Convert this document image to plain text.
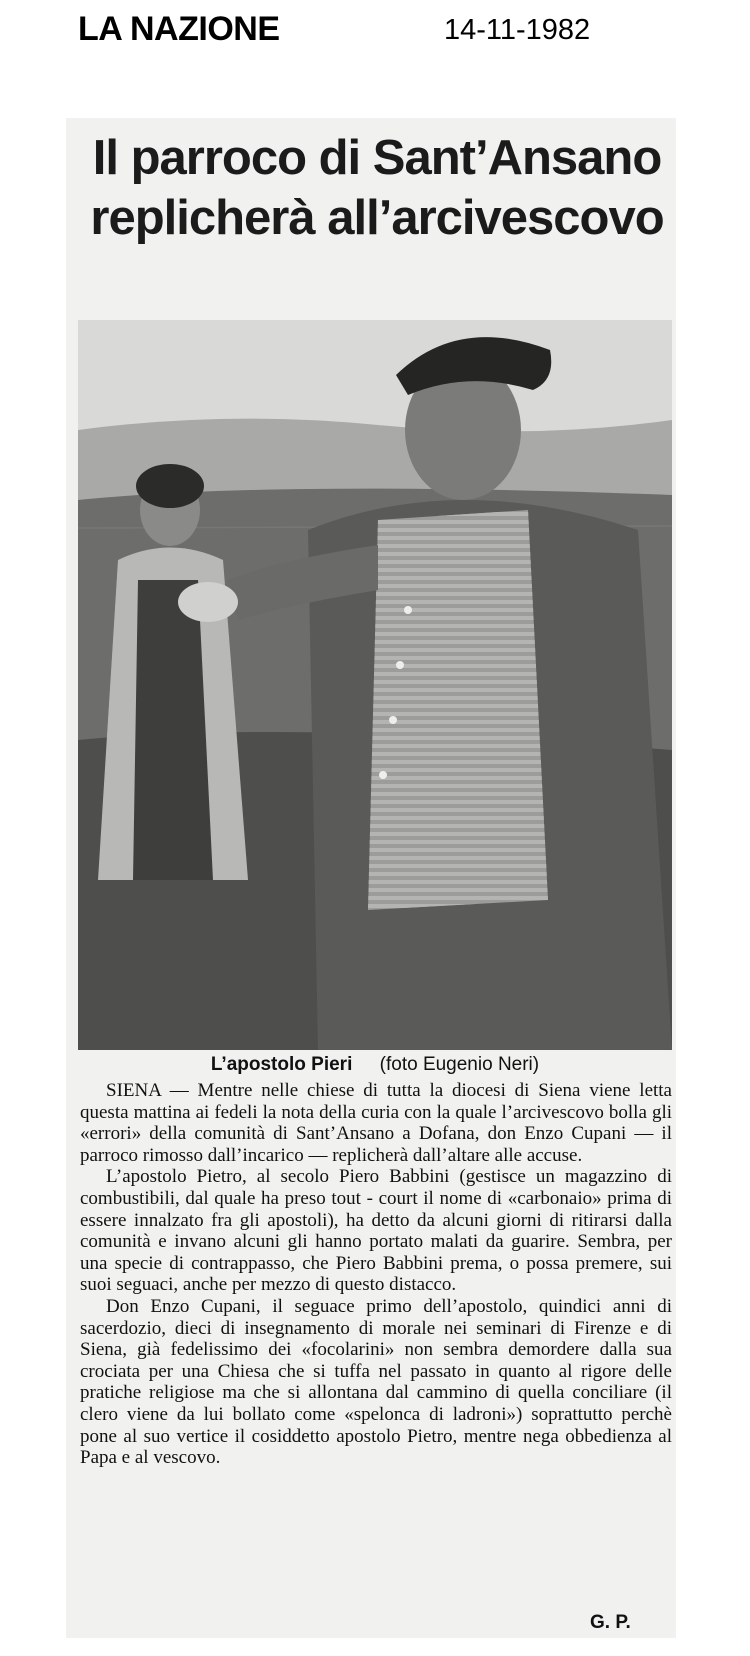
LA NAZIONE	14-11-1982
Il parroco di Sant’Ansano
replicherà all’arcivescovo
L’apostolo Pieri (foto Eugenio Neri)

SIENA — Mentre nelle chiese di tutta la diocesi di Siena viene letta questa mattina ai fedeli la nota della curia con la quale l’arcivescovo bolla gli «errori» della comunità di Sant’Ansano a Dofana, don Enzo Cupani — il parroco rimosso dall’incarico — replicherà dall’altare alle accuse.

L’apostolo Pietro, al secolo Piero Babbini (gestisce un magazzino di combustibili, dal quale ha preso tout - court il nome di «carbonaio» prima di essere innalzato fra gli apostoli), ha detto da alcuni giorni di ritirarsi dalla comunità e invano alcuni gli hanno portato malati da guarire. Sembra, per una specie di contrappasso, che Piero Babbini prema, o possa premere, sui suoi seguaci, anche per mezzo di questo distacco.

Don Enzo Cupani, il seguace primo dell’apostolo, quindici anni di sacerdozio, dieci di insegnamento di morale nei seminari di Firenze e di Siena, già fedelissimo dei «focolarini» non sembra demordere dalla sua crociata per una Chiesa che si tuffa nel passato in quanto al rigore delle pratiche religiose ma che si allontana dal cammino di quella conciliare (il clero viene da lui bollato come «spelonca di ladroni») soprattutto perchè pone al suo vertice il cosiddetto apostolo Pietro, mentre nega obbedienza al Papa e al vescovo.

G. P.
